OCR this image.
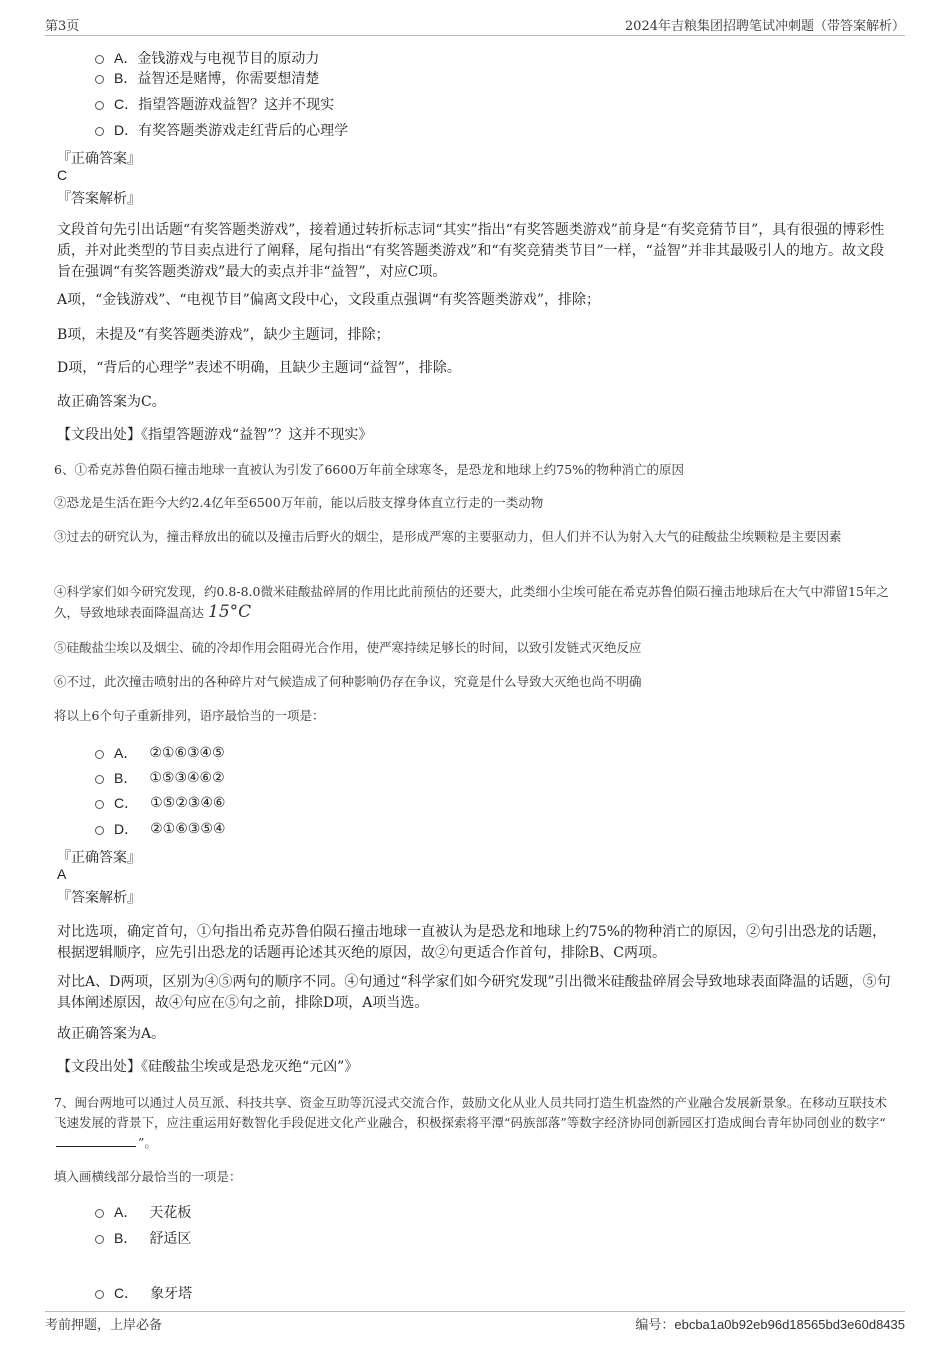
第3页	2024年吉粮集团招聘笔试冲刺题（带答案解析）
A． 金钱游戏与电视节目的原动力
B． 益智还是赌博，你需要想清楚
C． 指望答题游戏益智？这并不现实
D． 有奖答题类游戏走红背后的心理学
『正确答案』
C
『答案解析』
文段首句先引出话题“有奖答题类游戏”，接着通过转折标志词“其实”指出“有奖答题类游戏”前身是“有奖竞猜节目”，具有很强的博彩性质，并对此类型的节目卖点进行了阐释，尾句指出“有奖答题类游戏”和“有奖竞猜类节目”一样，“益智”并非其最吸引人的地方。故文段旨在强调“有奖答题类游戏”最大的卖点并非“益智”，对应C项。
A项，“金钱游戏”、“电视节目”偏离文段中心，文段重点强调“有奖答题类游戏”，排除；
B项，未提及“有奖答题类游戏”，缺少主题词，排除；
D项，“背后的心理学”表述不明确，且缺少主题词“益智”，排除。
故正确答案为C。
【文段出处】《指望答题游戏“益智”？这并不现实》
6、①希克苏鲁伯陨石撞击地球一直被认为引发了6600万年前全球寒冬，是恐龙和地球上约75%的物种消亡的原因
②恐龙是生活在距今大约2.4亿年至6500万年前，能以后肢支撑身体直立行走的一类动物
③过去的研究认为，撞击释放出的硫以及撞击后野火的烟尘，是形成严寒的主要驱动力，但人们并不认为射入大气的硅酸盐尘埃颗粒是主要因素
④科学家们如今研究发现，约0.8-8.0微米硅酸盐碎屑的作用比此前预估的还要大，此类细小尘埃可能在希克苏鲁伯陨石撞击地球后在大气中滞留15年之久，导致地球表面降温高达 15°C
⑤硅酸盐尘埃以及烟尘、硫的冷却作用会阻碍光合作用，使严寒持续足够长的时间，以致引发链式灭绝反应
⑥不过，此次撞击喷射出的各种碎片对气候造成了何种影响仍存在争议，究竟是什么导致大灭绝也尚不明确
将以上6个句子重新排列，语序最恰当的一项是：
A． ②①⑥③④⑤
B． ①⑤③④⑥②
C． ①⑤②③④⑥
D． ②①⑥③⑤④
『正确答案』
A
『答案解析』
对比选项，确定首句，①句指出希克苏鲁伯陨石撞击地球一直被认为是恐龙和地球上约75%的物种消亡的原因，②句引出恐龙的话题，根据逻辑顺序，应先引出恐龙的话题再论述其灭绝的原因，故②句更适合作首句，排除B、C两项。
对比A、D两项，区别为④⑤两句的顺序不同。④句通过“科学家们如今研究发现”引出微米硅酸盐碎屑会导致地球表面降温的话题，⑤句具体阐述原因，故④句应在⑤句之前，排除D项，A项当选。
故正确答案为A。
【文段出处】《硅酸盐尘埃或是恐龙灭绝“元凶”》
7、闽台两地可以通过人员互派、科技共享、资金互助等沉浸式交流合作，鼓励文化从业人员共同打造生机盎然的产业融合发展新景象。在移动互联技术飞速发展的背景下，应注重运用好数智化手段促进文化产业融合，积极探索将平潭“码族部落”等数字经济协同创新园区打造成闽台青年协同创业的数字“”。
填入画横线部分最恰当的一项是：
A． 天花板
B． 舒适区
C． 象牙塔
考前押题，上岸必备	编号：ebcba1a0b92eb96d18565bd3e60d8435
